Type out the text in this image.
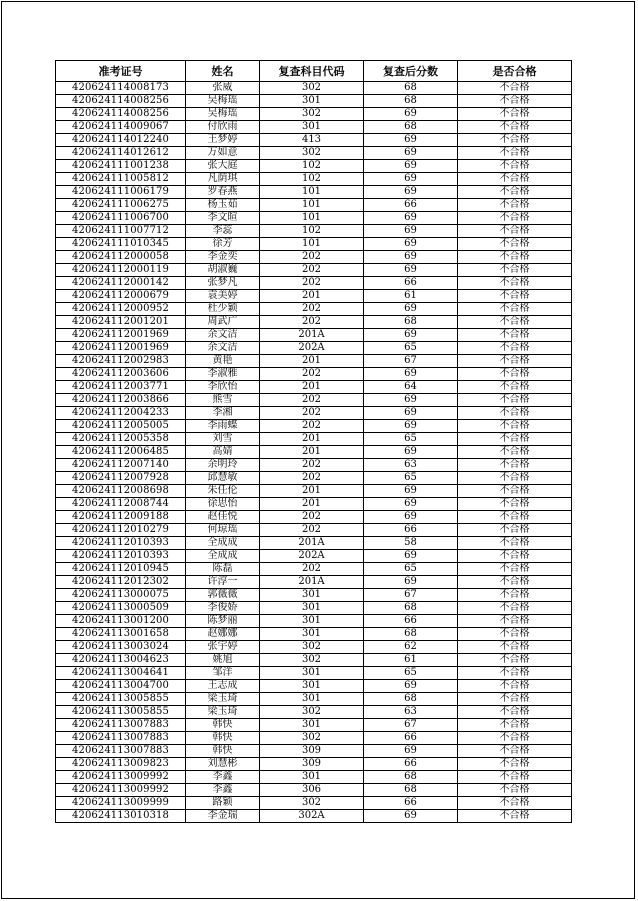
准考证号	姓名	复查科目代码	复查后分数	是否合格
420624114008173	张威	302	68	不合格
420624114008256	吴梅瑶	301	68	不合格
420624114008256	吴梅瑶	302	69	不合格
420624114009067	付欣雨	301	68	不合格
420624114012240	王梦婷	413	69	不合格
420624114012612	万如意	302	69	不合格
420624111001238	张大庭	102	69	不合格
420624111005812	凡荫琪	102	69	不合格
420624111006179	罗春燕	101	69	不合格
420624111006275	杨玉茹	101	66	不合格
420624111006700	李文暄	101	69	不合格
420624111007712	李蕊	102	69	不合格
420624111010345	徐芳	101	69	不合格
420624112000058	李金奕	202	69	不合格
420624112000119	胡淑巍	202	69	不合格
420624112000142	张梦凡	202	66	不合格
420624112000679	袁美婷	201	61	不合格
420624112000952	杜少颖	202	69	不合格
420624112001201	周武广	202	68	不合格
420624112001969	余文洁	201A	69	不合格
420624112001969	余文洁	202A	65	不合格
420624112002983	黄艳	201	67	不合格
420624112003606	李淑雅	202	69	不合格
420624112003771	李欣怡	201	64	不合格
420624112003866	熊雪	202	69	不合格
420624112004233	李湘	202	69	不合格
420624112005005	李雨蝶	202	69	不合格
420624112005358	刘雪	201	65	不合格
420624112006485	高婧	201	69	不合格
420624112007140	余明玲	202	63	不合格
420624112007928	邱慧敏	202	65	不合格
420624112008698	朱任伦	201	69	不合格
420624112008744	徐思怡	201	69	不合格
420624112009188	赵佳悦	202	69	不合格
420624112010279	何琼瑶	202	66	不合格
420624112010393	全成成	201A	58	不合格
420624112010393	全成成	202A	69	不合格
420624112010945	陈磊	202	65	不合格
420624112012302	许淳一	201A	69	不合格
420624113000075	郭薇薇	301	67	不合格
420624113000509	李俊娇	301	68	不合格
420624113001200	陈梦丽	301	66	不合格
420624113001658	赵娜娜	301	68	不合格
420624113003024	张宇婷	302	62	不合格
420624113004623	姚旭	302	61	不合格
420624113004641	邹洋	301	65	不合格
420624113004700	王志成	301	69	不合格
420624113005855	梁玉琦	301	68	不合格
420624113005855	梁玉琦	302	63	不合格
420624113007883	韩快	301	67	不合格
420624113007883	韩快	302	66	不合格
420624113007883	韩快	309	69	不合格
420624113009823	刘慧彬	309	66	不合格
420624113009992	李鑫	301	68	不合格
420624113009992	李鑫	306	68	不合格
420624113009999	路颖	302	66	不合格
420624113010318	李金瑞	302A	69	不合格
